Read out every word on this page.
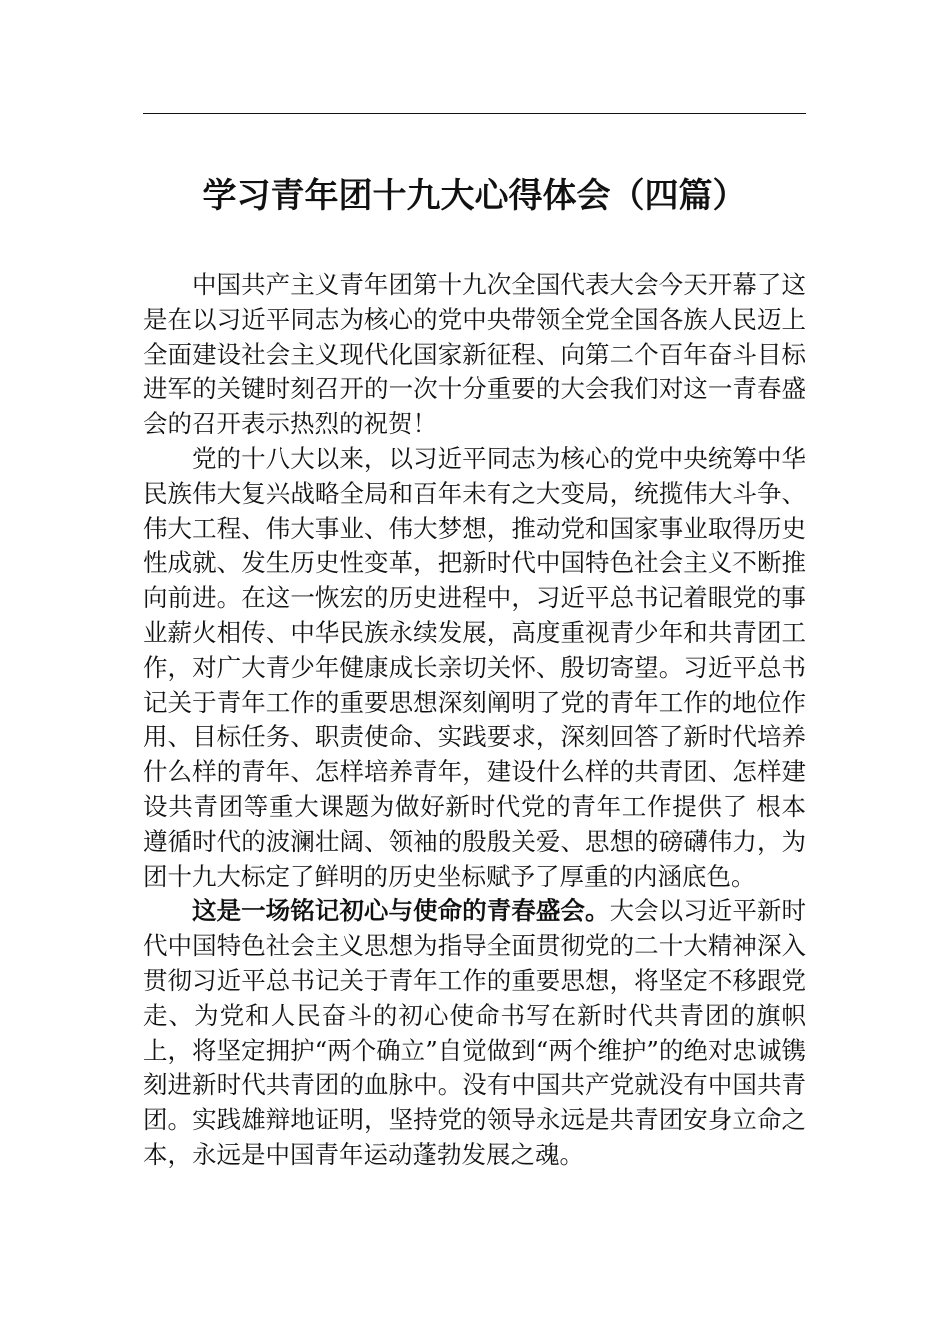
学习青年团十九大心得体会（四篇）

中国共产主义青年团第十九次全国代表大会今天开幕了这是在以习近平同志为核心的党中央带领全党全国各族人民迈上全面建设社会主义现代化国家新征程、向第二个百年奋斗目标进军的关键时刻召开的一次十分重要的大会我们对这一青春盛会的召开表示热烈的祝贺！

党的十八大以来，以习近平同志为核心的党中央统筹中华民族伟大复兴战略全局和百年未有之大变局，统揽伟大斗争、伟大工程、伟大事业、伟大梦想，推动党和国家事业取得历史性成就、发生历史性变革，把新时代中国特色社会主义不断推向前进。在这一恢宏的历史进程中，习近平总书记着眼党的事业薪火相传、中华民族永续发展，高度重视青少年和共青团工作，对广大青少年健康成长亲切关怀、殷切寄望。习近平总书记关于青年工作的重要思想深刻阐明了党的青年工作的地位作用、目标任务、职责使命、实践要求，深刻回答了新时代培养什么样的青年、怎样培养青年，建设什么样的共青团、怎样建设共青团等重大课题为做好新时代党的青年工作提供了 根本遵循时代的波澜壮阔、领袖的殷殷关爱、思想的磅礴伟力，为团十九大标定了鲜明的历史坐标赋予了厚重的内涵底色。

这是一场铭记初心与使命的青春盛会。大会以习近平新时代中国特色社会主义思想为指导全面贯彻党的二十大精神深入贯彻习近平总书记关于青年工作的重要思想，将坚定不移跟党走、为党和人民奋斗的初心使命书写在新时代共青团的旗帜上，将坚定拥护“两个确立”自觉做到“两个维护”的绝对忠诚镌刻进新时代共青团的血脉中。没有中国共产党就没有中国共青团。实践雄辩地证明，坚持党的领导永远是共青团安身立命之本，永远是中国青年运动蓬勃发展之魂。
